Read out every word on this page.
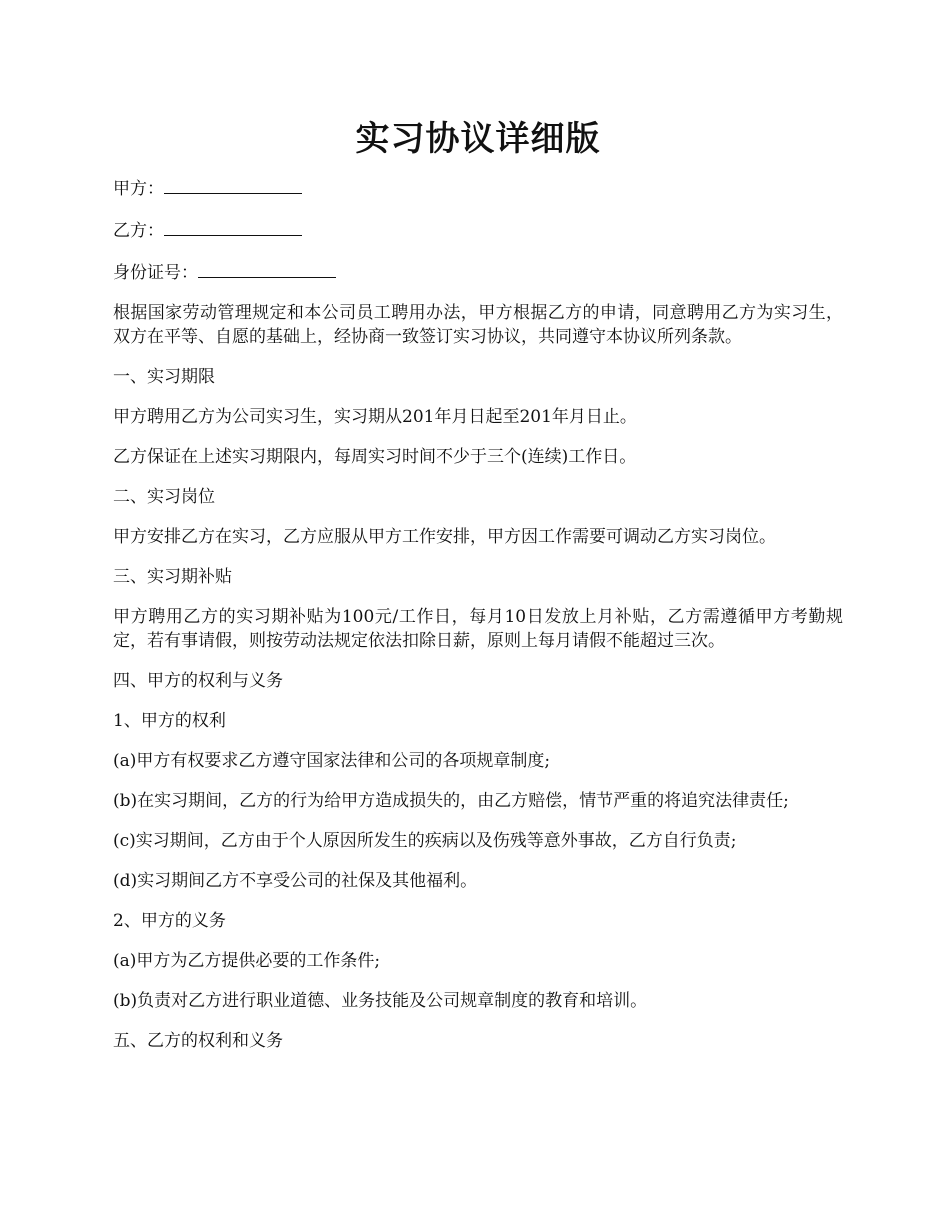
实习协议详细版

甲方：

乙方：

身份证号：

根据国家劳动管理规定和本公司员工聘用办法，甲方根据乙方的申请，同意聘用乙方为实习生，双方在平等、自愿的基础上，经协商一致签订实习协议，共同遵守本协议所列条款。

一、实习期限

甲方聘用乙方为公司实习生，实习期从201年月日起至201年月日止。

乙方保证在上述实习期限内，每周实习时间不少于三个(连续)工作日。

二、实习岗位

甲方安排乙方在实习，乙方应服从甲方工作安排，甲方因工作需要可调动乙方实习岗位。

三、实习期补贴

甲方聘用乙方的实习期补贴为100元/工作日，每月10日发放上月补贴，乙方需遵循甲方考勤规定，若有事请假，则按劳动法规定依法扣除日薪，原则上每月请假不能超过三次。

四、甲方的权利与义务

1、甲方的权利

(a)甲方有权要求乙方遵守国家法律和公司的各项规章制度;

(b)在实习期间，乙方的行为给甲方造成损失的，由乙方赔偿，情节严重的将追究法律责任;

(c)实习期间，乙方由于个人原因所发生的疾病以及伤残等意外事故，乙方自行负责;

(d)实习期间乙方不享受公司的社保及其他福利。

2、甲方的义务

(a)甲方为乙方提供必要的工作条件;

(b)负责对乙方进行职业道德、业务技能及公司规章制度的教育和培训。

五、乙方的权利和义务
